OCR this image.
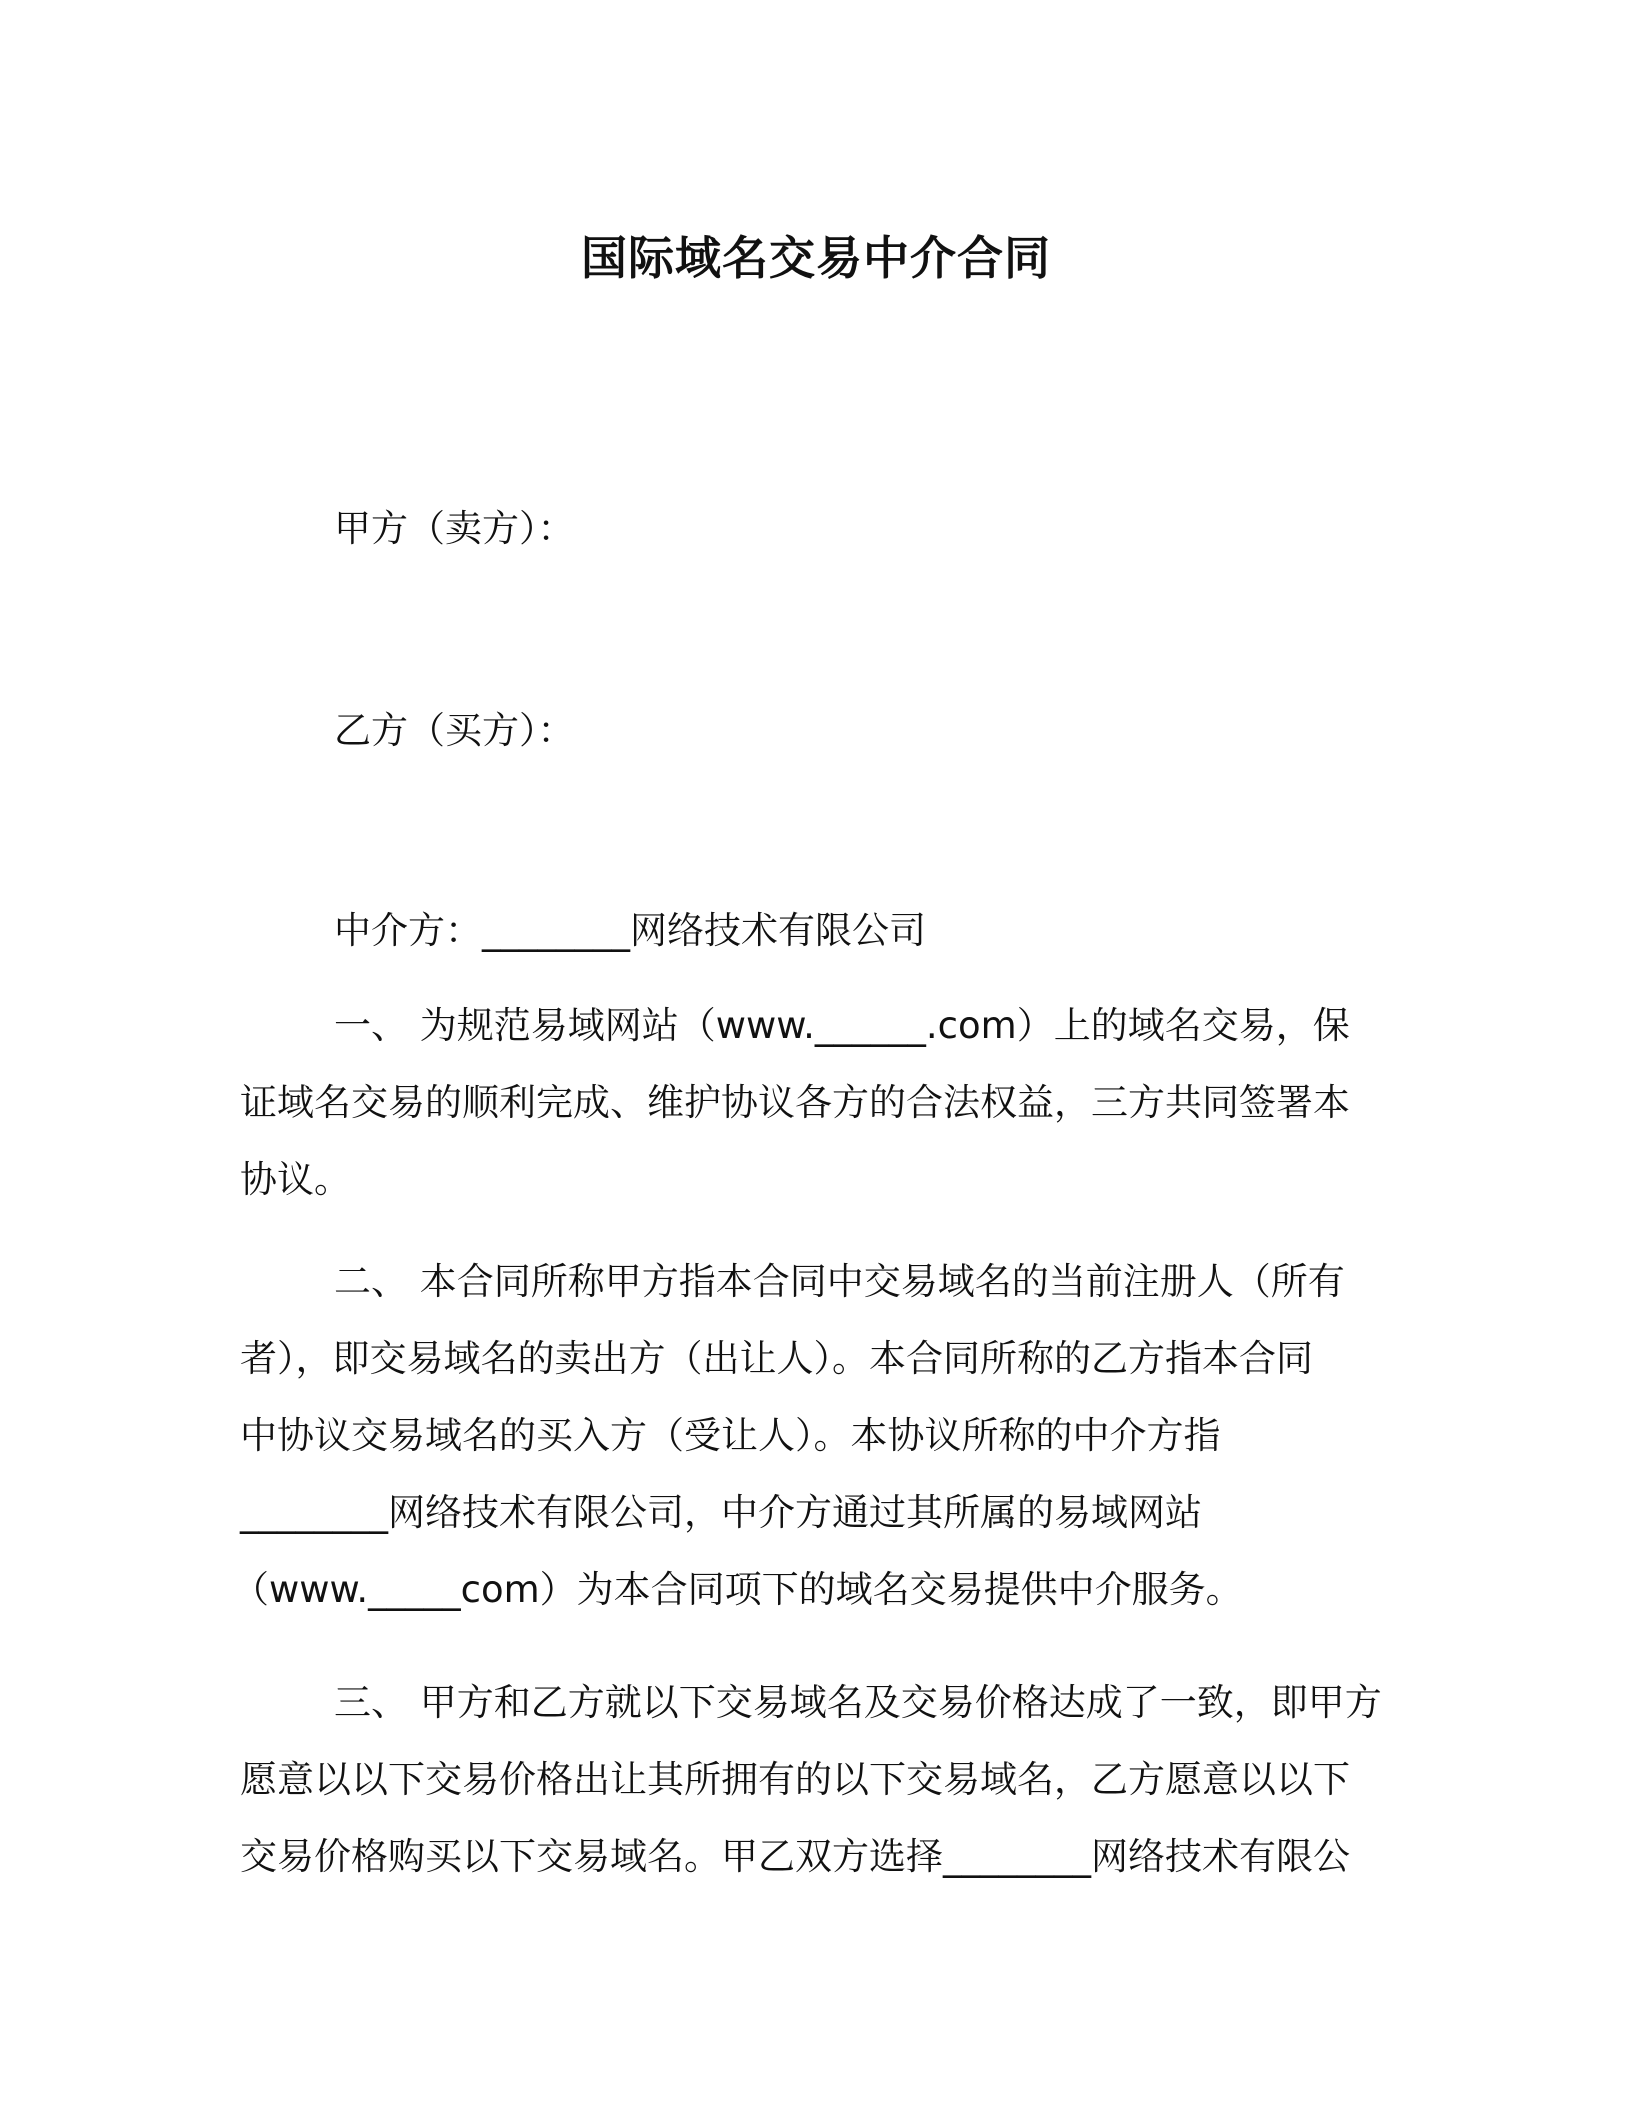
国际域名交易中介合同
甲方（卖方）：
乙方（买方）：
中介方：________网络技术有限公司
一、 为规范易域网站（www.______.com）上的域名交易，保
证域名交易的顺利完成、维护协议各方的合法权益，三方共同签署本
协议。
二、 本合同所称甲方指本合同中交易域名的当前注册人（所有
者），即交易域名的卖出方（出让人）。本合同所称的乙方指本合同
中协议交易域名的买入方（受让人）。本协议所称的中介方指
________网络技术有限公司，中介方通过其所属的易域网站
（www._____com）为本合同项下的域名交易提供中介服务。
三、 甲方和乙方就以下交易域名及交易价格达成了一致，即甲方
愿意以以下交易价格出让其所拥有的以下交易域名，乙方愿意以以下
交易价格购买以下交易域名。甲乙双方选择________网络技术有限公
